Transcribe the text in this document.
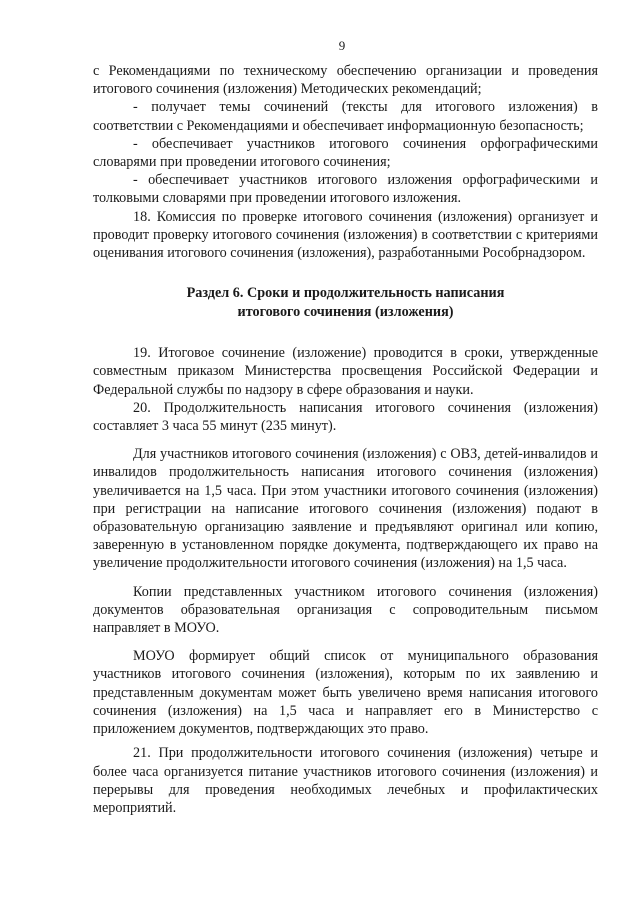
9

с Рекомендациями по техническому обеспечению организации и проведения итогового сочинения (изложения) Методических рекомендаций;

- получает темы сочинений (тексты для итогового изложения) в соответствии с Рекомендациями и обеспечивает информационную безопасность;

- обеспечивает участников итогового сочинения орфографическими словарями при проведении итогового сочинения;

- обеспечивает участников итогового изложения орфографическими и толковыми словарями при проведении итогового изложения.

18. Комиссия по проверке итогового сочинения (изложения) организует и проводит проверку итогового сочинения (изложения) в соответствии с критериями оценивания итогового сочинения (изложения), разработанными Рособрнадзором.

Раздел 6. Сроки и продолжительность написания
итогового сочинения (изложения)

19. Итоговое сочинение (изложение) проводится в сроки, утвержденные совместным приказом Министерства просвещения Российской Федерации и Федеральной службы по надзору в сфере образования и науки.

20. Продолжительность написания итогового сочинения (изложения) составляет 3 часа 55 минут (235 минут).

Для участников итогового сочинения (изложения) с ОВЗ, детей-инвалидов и инвалидов продолжительность написания итогового сочинения (изложения) увеличивается на 1,5 часа. При этом участники итогового сочинения (изложения) при регистрации на написание итогового сочинения (изложения) подают в образовательную организацию заявление и предъявляют оригинал или копию, заверенную в установленном порядке документа, подтверждающего их право на увеличение продолжительности итогового сочинения (изложения) на 1,5 часа.

Копии представленных участником итогового сочинения (изложения) документов образовательная организация с сопроводительным письмом направляет в МОУО.

МОУО формирует общий список от муниципального образования участников итогового сочинения (изложения), которым по их заявлению и представленным документам может быть увеличено время написания итогового сочинения (изложения) на 1,5 часа и направляет его в Министерство с приложением документов, подтверждающих это право.

21. При продолжительности итогового сочинения (изложения) четыре и более часа организуется питание участников итогового сочинения (изложения) и перерывы для проведения необходимых лечебных и профилактических мероприятий.
